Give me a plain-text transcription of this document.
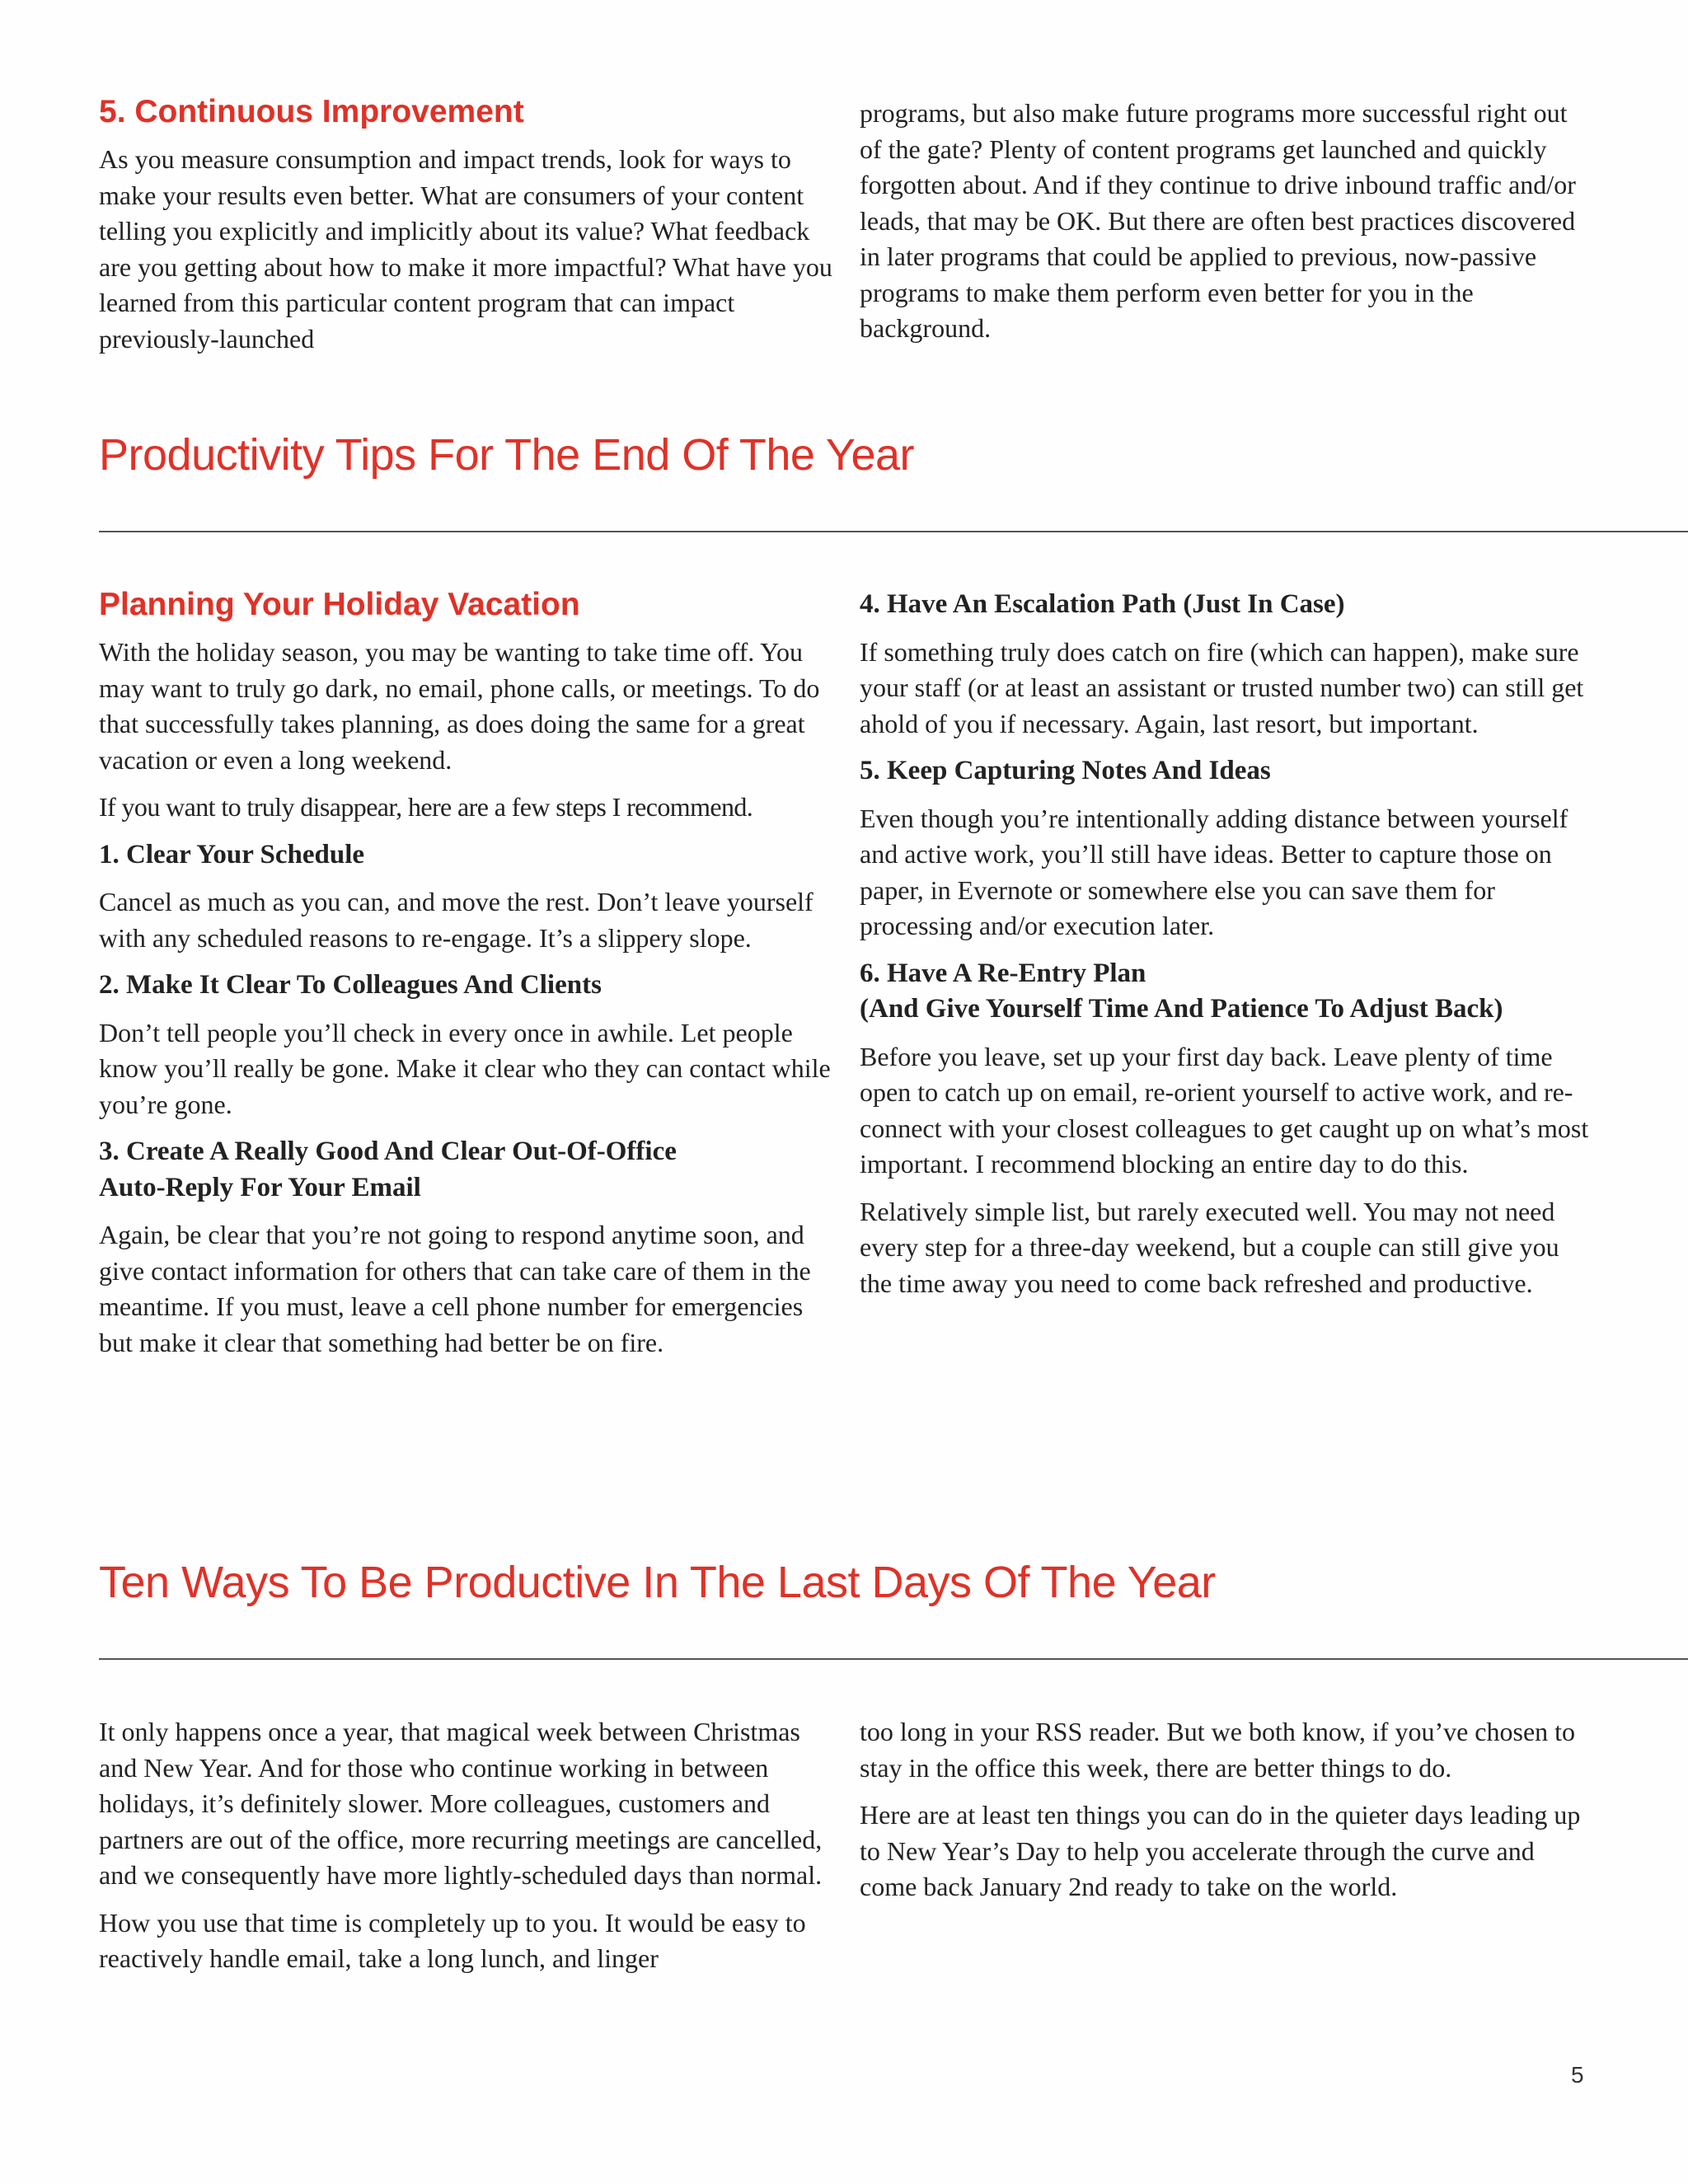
5. Continuous Improvement

As you measure consumption and impact trends, look for ways to make your results even better. What are consumers of your content telling you explicitly and implicitly about its value? What feedback are you getting about how to make it more impactful? What have you learned from this particular content program that can impact previously-launched

programs, but also make future programs more successful right out of the gate? Plenty of content programs get launched and quickly forgotten about. And if they continue to drive inbound traffic and/or leads, that may be OK. But there are often best practices discovered in later programs that could be applied to previous, now-passive programs to make them perform even better for you in the background.

Productivity Tips For The End Of The Year
Planning Your Holiday Vacation

With the holiday season, you may be wanting to take time off. You may want to truly go dark, no email, phone calls, or meetings. To do that successfully takes planning, as does doing the same for a great vacation or even a long weekend.

If you want to truly disappear, here are a few steps I recommend.

1. Clear Your Schedule

Cancel as much as you can, and move the rest. Don’t leave yourself with any scheduled reasons to re-engage. It’s a slippery slope.

2. Make It Clear To Colleagues And Clients

Don’t tell people you’ll check in every once in awhile. Let people know you’ll really be gone. Make it clear who they can contact while you’re gone.

3. Create A Really Good And Clear Out-Of-Office
Auto-Reply For Your Email

Again, be clear that you’re not going to respond anytime soon, and give contact information for others that can take care of them in the meantime. If you must, leave a cell phone number for emergencies but make it clear that something had better be on fire.

4. Have An Escalation Path (Just In Case)

If something truly does catch on fire (which can happen), make sure your staff (or at least an assistant or trusted number two) can still get ahold of you if necessary. Again, last resort, but important.

5. Keep Capturing Notes And Ideas

Even though you’re intentionally adding distance between yourself and active work, you’ll still have ideas. Better to capture those on paper, in Evernote or somewhere else you can save them for processing and/or execution later.

6. Have A Re-Entry Plan
(And Give Yourself Time And Patience To Adjust Back)

Before you leave, set up your first day back. Leave plenty of time open to catch up on email, re-orient yourself to active work, and re-connect with your closest colleagues to get caught up on what’s most important. I recommend blocking an entire day to do this.

Relatively simple list, but rarely executed well. You may not need every step for a three-day weekend, but a couple can still give you the time away you need to come back refreshed and productive.

Ten Ways To Be Productive In The Last Days Of The Year

It only happens once a year, that magical week between Christmas and New Year. And for those who continue working in between holidays, it’s definitely slower. More colleagues, customers and partners are out of the office, more recurring meetings are cancelled, and we consequently have more lightly-scheduled days than normal.

How you use that time is completely up to you. It would be easy to reactively handle email, take a long lunch, and linger

too long in your RSS reader. But we both know, if you’ve chosen to stay in the office this week, there are better things to do.

Here are at least ten things you can do in the quieter days leading up to New Year’s Day to help you accelerate through the curve and come back January 2nd ready to take on the world.

5
